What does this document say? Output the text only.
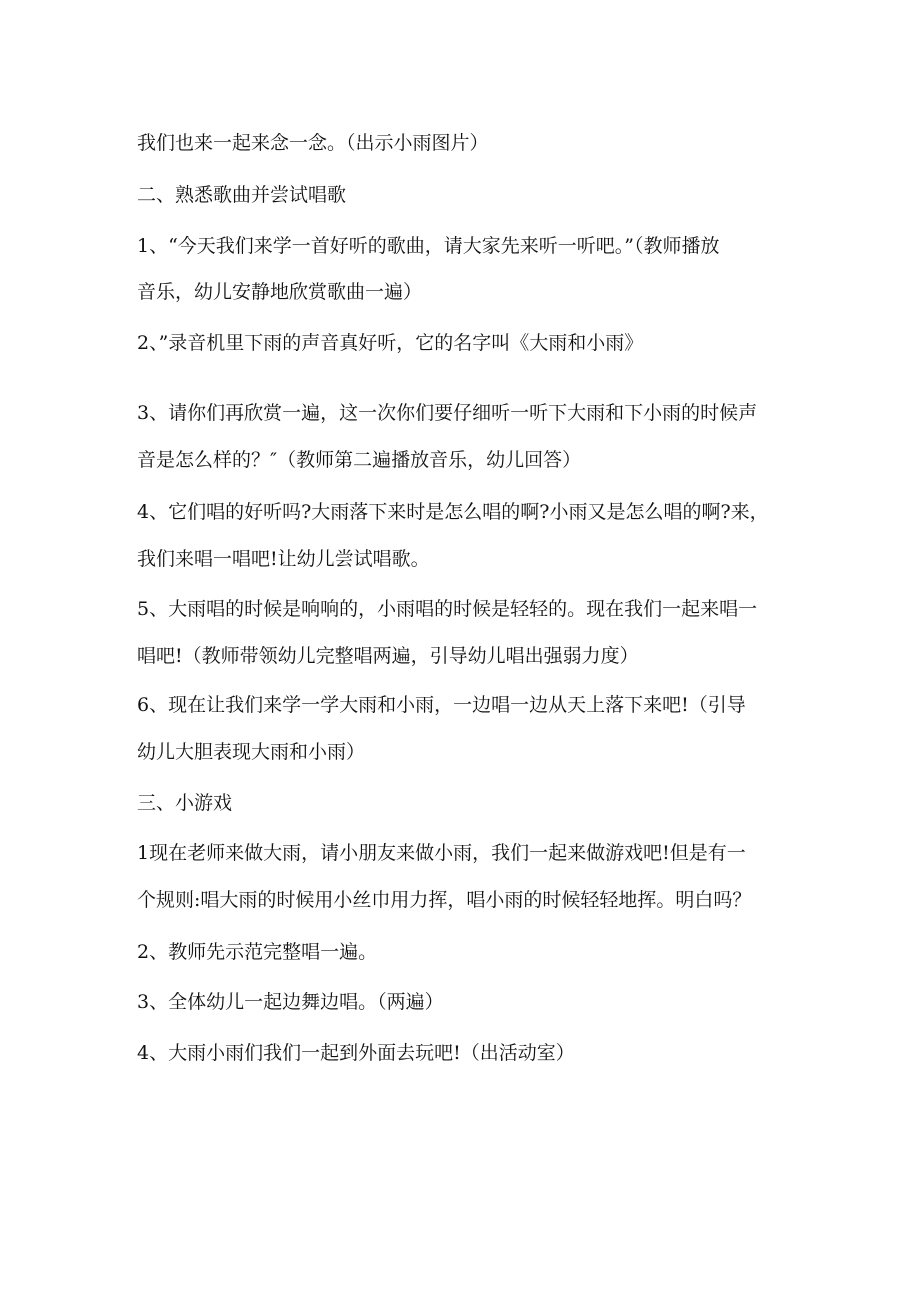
我们也来一起来念一念。（出示小雨图片）
二、熟悉歌曲并尝试唱歌
1、“今天我们来学一首好听的歌曲，请大家先来听一听吧。”（教师播放
音乐，幼儿安静地欣赏歌曲一遍）
2、”录音机里下雨的声音真好听，它的名字叫《大雨和小雨》
3、请你们再欣赏一遍，这一次你们要仔细听一听下大雨和下小雨的时候声
音是怎么样的？″（教师第二遍播放音乐，幼儿回答）
4、它们唱的好听吗?大雨落下来时是怎么唱的啊?小雨又是怎么唱的啊?来，
我们来唱一唱吧!让幼儿尝试唱歌。
5、大雨唱的时候是响响的，小雨唱的时候是轻轻的。现在我们一起来唱一
唱吧!（教师带领幼儿完整唱两遍，引导幼儿唱出强弱力度）
6、现在让我们来学一学大雨和小雨，一边唱一边从天上落下来吧!（引导
幼儿大胆表现大雨和小雨）
三、小游戏
1现在老师来做大雨，请小朋友来做小雨，我们一起来做游戏吧!但是有一
个规则:唱大雨的时候用小丝巾用力挥，唱小雨的时候轻轻地挥。明白吗？
2、教师先示范完整唱一遍。
3、全体幼儿一起边舞边唱。（两遍）
4、大雨小雨们我们一起到外面去玩吧!（出活动室）
